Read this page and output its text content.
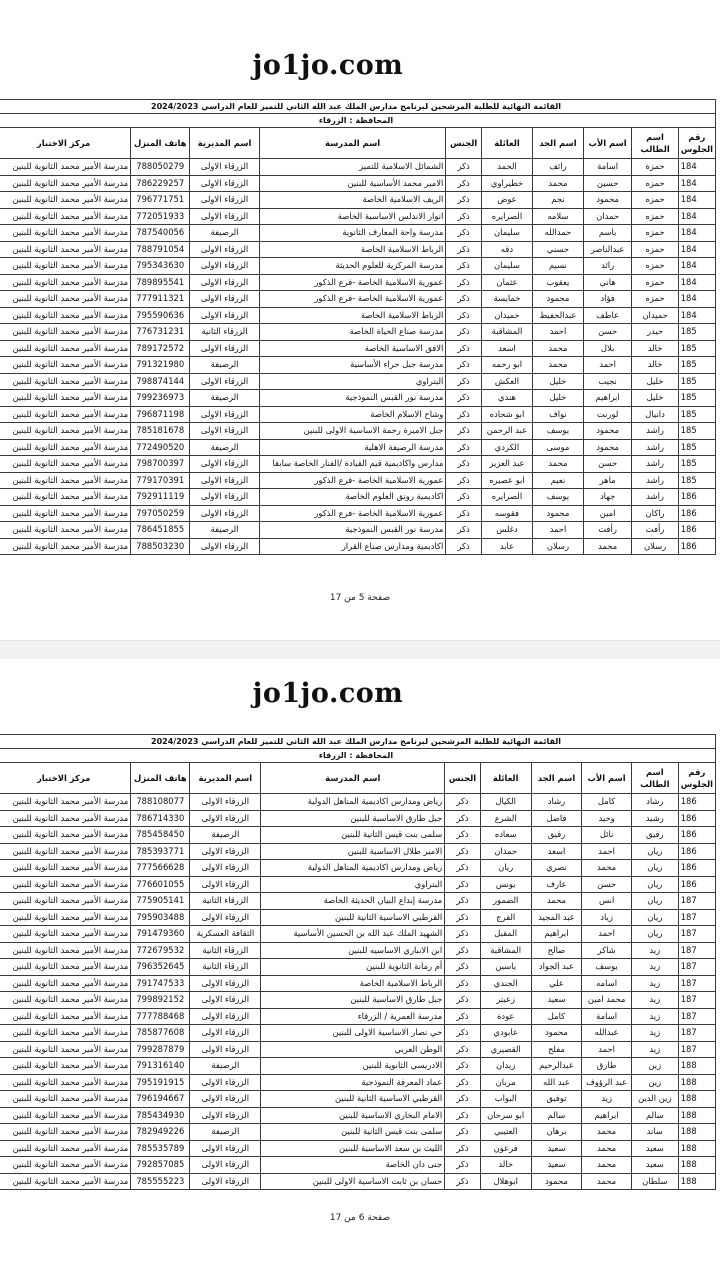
jo1jo.com
القائمة النهائية للطلبة المرشحين لبرنامج مدارس الملك عبد الله الثاني للتميز للعام الدراسي 2024/2023									
المحافظة : الزرقاء									
رقم الجلوس	اسم الطالب	اسم الأب	اسم الجد	العائلة	الجنس	اسم المدرسة	اسم المديرية	هاتف المنزل	مركز الاختبار
184	حمزة	اسامة	رائف	الحمد	ذكر	الشمائل الاسلامية للتميز	الزرقاء الاولى	788050279	مدرسة الأمير محمد الثانوية للبنين
184	حمزه	حسين	محمد	خطيراوي	ذكر	الامير محمد الأساسية للبنين	الزرقاء الاولى	786229257	مدرسة الأمير محمد الثانوية للبنين
184	حمزه	محمود	نجم	عوض	ذكر	الريف الاسلامية الخاصة	الزرقاء الاولى	796771751	مدرسة الأمير محمد الثانوية للبنين
184	حمزه	حمدان	سلامه	الصرايره	ذكر	انوار الاندلس الاساسية الخاصة	الزرقاء الاولى	772051933	مدرسة الأمير محمد الثانوية للبنين
184	حمزه	باسم	حمدالله	سليمان	ذكر	مدرسة واحة المعارف الثانوية	الرصيفة	787540056	مدرسة الأمير محمد الثانوية للبنين
184	حمزه	عبدالناصر	حسني	دقه	ذكر	الرباط الاسلامية الخاصة	الزرقاء الاولى	788791054	مدرسة الأمير محمد الثانوية للبنين
184	حمزه	رائد	نسيم	سليمان	ذكر	مدرسة المركزية للعلوم الحديثة	الزرقاء الاولى	795343630	مدرسة الأمير محمد الثانوية للبنين
184	حمزه	هاني	يعقوب	عثمان	ذكر	عمورية الاسلامية الخاصة -فرع الذكور	الزرقاء الاولى	789895541	مدرسة الأمير محمد الثانوية للبنين
184	حمزه	فؤاد	محمود	خمايسة	ذكر	عمورية الاسلامية الخاصة -فرع الذكور	الزرقاء الاولى	777911321	مدرسة الأمير محمد الثانوية للبنين
184	حميدان	عاطف	عبدالحفيظ	حميدان	ذكر	الرباط الاسلامية الخاصة	الزرقاء الاولى	795590636	مدرسة الأمير محمد الثانوية للبنين
185	حيدر	حسن	احمد	المشاقبة	ذكر	مدرسة صناع الحياة الخاصة	الزرقاء الثانية	776731231	مدرسة الأمير محمد الثانوية للبنين
185	خالد	بلال	محمد	اسعد	ذكر	الافق الاساسية الخاصة	الزرقاء الاولى	789172572	مدرسة الأمير محمد الثانوية للبنين
185	خالد	احمد	محمد	ابو رحمه	ذكر	مدرسة جبل حراء الأساسية	الرصيفة	791321980	مدرسة الأمير محمد الثانوية للبنين
185	خليل	نجيب	خليل	العكش	ذكر	البتراوي	الزرقاء الاولى	798874144	مدرسة الأمير محمد الثانوية للبنين
185	خليل	ابراهيم	خليل	هندي	ذكر	مدرسة نور القبس النموذجية	الرصيفة	799236973	مدرسة الأمير محمد الثانوية للبنين
185	دانيال	لورنت	نواف	ابو شحاده	ذكر	وشاح الاسلام الخاصة	الزرقاء الاولى	796871198	مدرسة الأمير محمد الثانوية للبنين
185	راشد	محمود	يوسف	عبد الرحمن	ذكر	جبل الاميرة رحمة الاساسية الاولى للبنين	الزرقاء الاولى	785181678	مدرسة الأمير محمد الثانوية للبنين
185	راشد	محمود	موسى	الكردي	ذكر	مدرسة الرصيفة الاهلية	الرصيفة	772490520	مدرسة الأمير محمد الثانوية للبنين
185	راشد	حسن	محمد	عبد العزيز	ذكر	مدارس واكاديمية قيم القيادة /الفنار الخاصة سابقا	الزرقاء الاولى	798700397	مدرسة الأمير محمد الثانوية للبنين
185	راشد	ماهر	نعيم	ابو عصيره	ذكر	عمورية الاسلامية الخاصة -فرع الذكور	الزرقاء الاولى	779170391	مدرسة الأمير محمد الثانوية للبنين
186	راشد	جهاد	يوسف	الصرايره	ذكر	اكاديمية رونق العلوم الخاصة	الزرقاء الاولى	792911119	مدرسة الأمير محمد الثانوية للبنين
186	راكان	امين	محمود	فقوسه	ذكر	عمورية الاسلامية الخاصة -فرع الذكور	الزرقاء الاولى	797050259	مدرسة الأمير محمد الثانوية للبنين
186	رأفت	رأفت	احمد	دغلس	ذكر	مدرسة نور القبس النموذجية	الرصيفة	786451855	مدرسة الأمير محمد الثانوية للبنين
186	رسلان	محمد	رسلان	عابد	ذكر	اكاديمية ومدارس صناع القرار	الزرقاء الاولى	788503230	مدرسة الأمير محمد الثانوية للبنين
صفحة 5 من 17
jo1jo.com
القائمة النهائية للطلبة المرشحين لبرنامج مدارس الملك عبد الله الثاني للتميز للعام الدراسي 2024/2023									
المحافظة : الزرقاء									
رقم الجلوس	اسم الطالب	اسم الأب	اسم الجد	العائلة	الجنس	اسم المدرسة	اسم المديرية	هاتف المنزل	مركز الاختبار
186	رشاد	كامل	رشاد	الكيال	ذكر	رياض ومدارس اكاديمية المناهل الدولية	الزرقاء الاولى	788108077	مدرسة الأمير محمد الثانوية للبنين
186	رشيد	وحيد	فاضل	الشرع	ذكر	جبل طارق الاساسية للبنين	الزرقاء الاولى	786714330	مدرسة الأمير محمد الثانوية للبنين
186	رفيق	نائل	رفيق	سعاده	ذكر	سلمى بنت قيس الثانية للبنين	الرصيفة	785458450	مدرسة الأمير محمد الثانوية للبنين
186	ريان	احمد	اسعد	حمدان	ذكر	الامير طلال الاساسية للبنين	الزرقاء الاولى	785393771	مدرسة الأمير محمد الثانوية للبنين
186	ريان	محمد	نصري	ريان	ذكر	رياض ومدارس اكاديمية المناهل الدولية	الزرقاء الاولى	777566628	مدرسة الأمير محمد الثانوية للبنين
186	ريان	حسن	عارف	يونس	ذكر	البتراوي	الزرقاء الاولى	776601055	مدرسة الأمير محمد الثانوية للبنين
187	ريان	انس	محمد	الضمور	ذكر	مدرسة إبداع البيان الحديثة الخاصة	الزرقاء الثانية	775905141	مدرسة الأمير محمد الثانوية للبنين
187	ريان	زياد	عبد المجيد	الفرج	ذكر	القرطبي الاساسية الثانية للبنين	الزرقاء الاولى	795903488	مدرسة الأمير محمد الثانوية للبنين
187	ريان	احمد	ابراهيم	المقبل	ذكر	الشهيد الملك عبد الله بن الحسين الأساسية	الثقافة العسكرية	791479360	مدرسة الأمير محمد الثانوية للبنين
187	زيد	شاكر	صالح	المشاقبة	ذكر	ابن الانباري الاساسيه للبنين	الزرقاء الثانية	772679532	مدرسة الأمير محمد الثانوية للبنين
187	زيد	يوسف	عبد الجواد	ياسين	ذكر	أم رمانة الثانوية للبنين	الزرقاء الثانية	796352645	مدرسة الأمير محمد الثانوية للبنين
187	زيد	اسامه	علي	الجندي	ذكر	الرباط الاسلامية الخاصة	الزرقاء الاولى	791747533	مدرسة الأمير محمد الثانوية للبنين
187	زيد	محمد امين	سعيد	زعيتر	ذكر	جبل طارق الاساسية للبنين	الزرقاء الاولى	799892152	مدرسة الأمير محمد الثانوية للبنين
187	زيد	اسامة	كامل	عودة	ذكر	مدرسة العمرية / الزرقاء	الزرقاء الاولى	777788468	مدرسة الأمير محمد الثانوية للبنين
187	زيد	عبدالله	محمود	عابودي	ذكر	حي نصار الاساسية الاولى للبنين	الزرقاء الاولى	785877608	مدرسة الأمير محمد الثانوية للبنين
187	زيد	احمد	مفلح	القصيري	ذكر	الوطن العربي	الزرقاء الاولى	799287879	مدرسة الأمير محمد الثانوية للبنين
188	زين	طارق	عبدالرحيم	زيدان	ذكر	الادريسي الثانوية للبنين	الرصيفة	791316140	مدرسة الأمير محمد الثانوية للبنين
188	زين	عبد الرؤوف	عبد الله	مربان	ذكر	عماد المعرفة النموذجية	الزرقاء الاولى	795191915	مدرسة الأمير محمد الثانوية للبنين
188	زين الدين	زيد	توفيق	البواب	ذكر	القرطبي الاساسية الثانية للبنين	الزرقاء الاولى	796194667	مدرسة الأمير محمد الثانوية للبنين
188	سالم	ابراهيم	سالم	ابو سرحان	ذكر	الامام البخاري الاساسية للبنين	الزرقاء الاولى	785434930	مدرسة الأمير محمد الثانوية للبنين
188	ساند	محمد	برهان	العتيبي	ذكر	سلمى بنت قيس الثانية للبنين	الرصيفة	782949226	مدرسة الأمير محمد الثانوية للبنين
188	سعيد	محمد	سعيد	فرعون	ذكر	الليث بن سعد الاساسية للبنين	الزرقاء الاولى	785535789	مدرسة الأمير محمد الثانوية للبنين
188	سعيد	محمد	سعيد	خالد	ذكر	جنى دان الخاصة	الزرقاء الاولى	792857085	مدرسة الأمير محمد الثانوية للبنين
188	سلطان	محمد	محمود	ابوهلال	ذكر	حسان بن ثابت الاساسية الاولى للبنين	الزرقاء الاولى	785555223	مدرسة الأمير محمد الثانوية للبنين
صفحة 6 من 17
